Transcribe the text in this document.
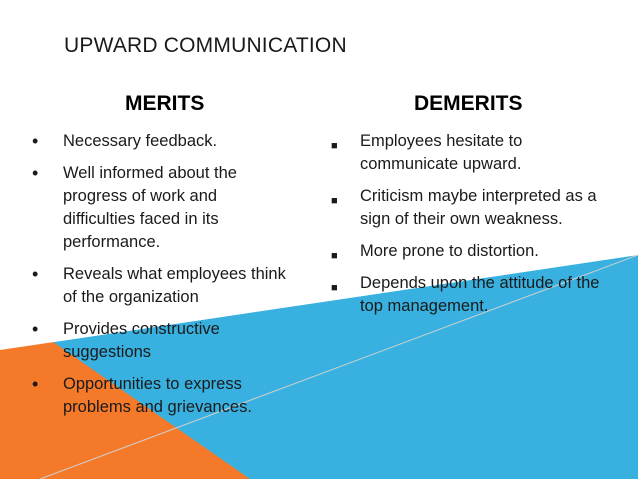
UPWARD COMMUNICATION
MERITS
• Necessary feedback.
• Well informed about the progress of work and difficulties faced in its performance.
• Reveals what employees think of the organization
• Provides constructive suggestions
• Opportunities to express problems and grievances.
DEMERITS
■ Employees hesitate to communicate upward.
■ Criticism maybe interpreted as a sign of their own weakness.
■ More prone to distortion.
■ Depends upon the attitude of the top management.
